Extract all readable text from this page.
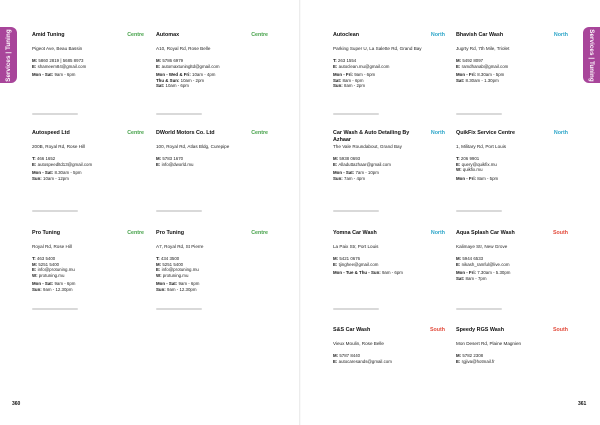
Services | Tuning	Services | Tuning
Amid Tuning	Centre
Pigeot Ave, Beau Bassin
M: 5860 2819 | 5685 8973
E: shameem84@gmail.com
Mon - Sat: 9am - 6pm
Automax	Centre
A10, Royal Rd, Rose Belle
M: 5786 6979
E: automaxtuningltd@gmail.com
Mon - Wed & Fri: 10am - 4pm
Thu & Sun: 10am - 2pm
Sat: 10am - 6pm
Autoclean	North
Parking Super U, La Salette Rd, Grand Bay
T: 263 1554
E: autoclean.mu@gmail.com
Mon - Fri: 9am - 6pm
Sat: 8am - 6pm
Sun: 8am - 2pm
Bhavish Car Wash	North
Jugrty Rd, 7th Mile, Triolet
M: 5492 8097
E: ramdhanab@gmail.com
Mon - Fri: 8.30am - 5pm
Sat: 8.30am - 1.30pm
Autospeed Ltd	Centre
200B, Royal Rd, Rose Hill
T: 466 1652
E: autospeedltd13@gmail.com
Mon - Sat: 8.30am - 5pm
Sun: 10am - 12pm
DWorld Motors Co. Ltd	Centre
100, Royal Rd, Atlas Bldg, Curepipe
M: 5783 1670
E: info@dworld.mu
Car Wash & Auto Detailing By Azhaar
North
The Vale Roundabout, Grand Bay
M: 5938 0693
E: Alladuttazhaar@gmail.com
Mon - Sat: 7am - 10pm
Sun: 7am - 4pm
QuikFix Service Centre	North
1, Military Rd, Port Louis
T: 206 9901
E: query@quikfix.mu
W: quikfix.mu
Mon - Fri: 8am - 5pm
Pro Tuning	Centre
Royal Rd, Rose Hill
T: 463 5400
M: 5251 5400
E: info@protuning.mu
W: protuning.mu
Mon - Sat: 9am - 6pm
Sun: 9am - 12.30pm
Pro Tuning	Centre
A7, Royal Rd, St Pierre
T: 434 3500
M: 5251 5400
E: info@protuning.mu
W: protuning.mu
Mon - Sat: 9am - 6pm
Sun: 9am - 12.30pm
Yomna Car Wash	North
La Paix Str, Port Louis
M: 5421 0676
E: tjinghee@gmail.com
Mon - Tue & Thu - Sun: 9am - 6pm
Aqua Splash Car Wash	South
Kalimaye Str, New Grove
M: 5944 6533
E: nikash_ramful@live.com
Mon - Fri: 7.30am - 5.30pm
Sat: 8am - 7pm
S&S Car Wash	South
Vieux Moulin, Rose Belle
M: 5787 8440
E: autocaresands@gmail.com
Speedy RGS Wash	South
Mon Desert Rd, Plaine Magnien
M: 5782 2308
E: rgjiva@hotmail.fr
360	361
